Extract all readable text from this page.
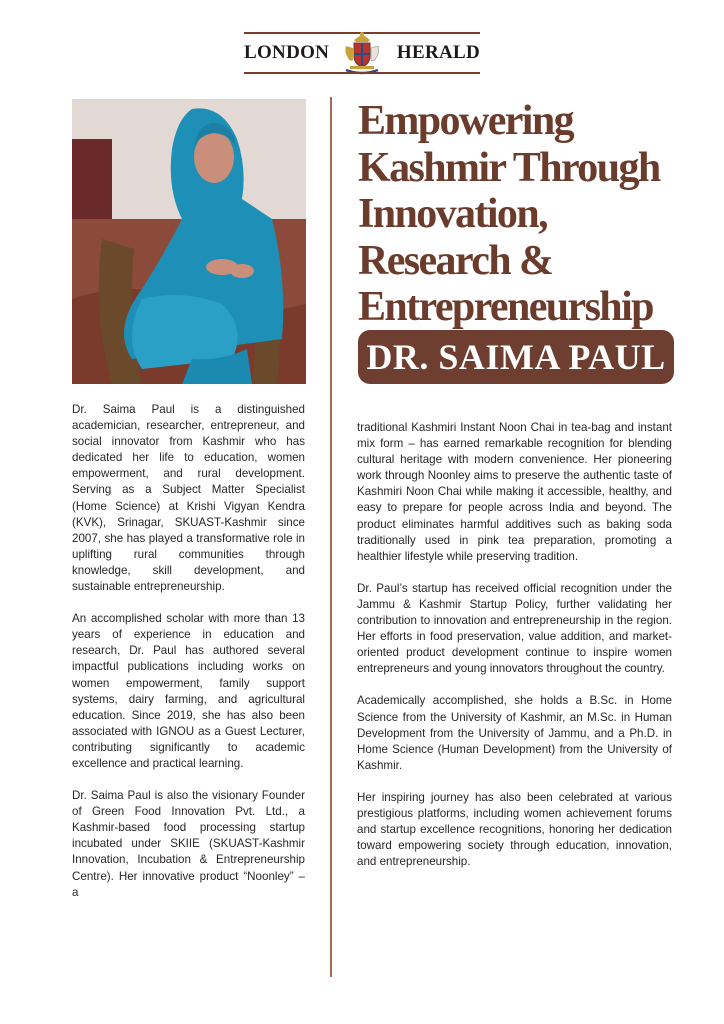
LONDON	HERALD
Empowering
Kashmir Through
Innovation,
Research &
Entrepreneurship
DR. SAIMA PAUL

Dr. Saima Paul is a distinguished academician, researcher, entrepreneur, and social innovator from Kashmir who has dedicated her life to education, women empowerment, and rural development. Serving as a Subject Matter Specialist (Home Science) at Krishi Vigyan Kendra (KVK), Srinagar, SKUAST-Kashmir since 2007, she has played a transformative role in uplifting rural communities through knowledge, skill development, and sustainable entrepreneurship.

An accomplished scholar with more than 13 years of experience in education and research, Dr. Paul has authored several impactful publications including works on women empowerment, family support systems, dairy farming, and agricultural education. Since 2019, she has also been associated with IGNOU as a Guest Lecturer, contributing significantly to academic excellence and practical learning.

Dr. Saima Paul is also the visionary Founder of Green Food Innovation Pvt. Ltd., a Kashmir-based food processing startup incubated under SKIIE (SKUAST-Kashmir Innovation, Incubation & Entrepreneurship Centre). Her innovative product “Noonley” – a

traditional Kashmiri Instant Noon Chai in tea-bag and instant mix form – has earned remarkable recognition for blending cultural heritage with modern convenience. Her pioneering work through Noonley aims to preserve the authentic taste of Kashmiri Noon Chai while making it accessible, healthy, and easy to prepare for people across India and beyond. The product eliminates harmful additives such as baking soda traditionally used in pink tea preparation, promoting a healthier lifestyle while preserving tradition.

Dr. Paul’s startup has received official recognition under the Jammu & Kashmir Startup Policy, further validating her contribution to innovation and entrepreneurship in the region. Her efforts in food preservation, value addition, and market-oriented product development continue to inspire women entrepreneurs and young innovators throughout the country.

Academically accomplished, she holds a B.Sc. in Home Science from the University of Kashmir, an M.Sc. in Human Development from the University of Jammu, and a Ph.D. in Home Science (Human Development) from the University of Kashmir.

Her inspiring journey has also been celebrated at various prestigious platforms, including women achievement forums and startup excellence recognitions, honoring her dedication toward empowering society through education, innovation, and entrepreneurship.
